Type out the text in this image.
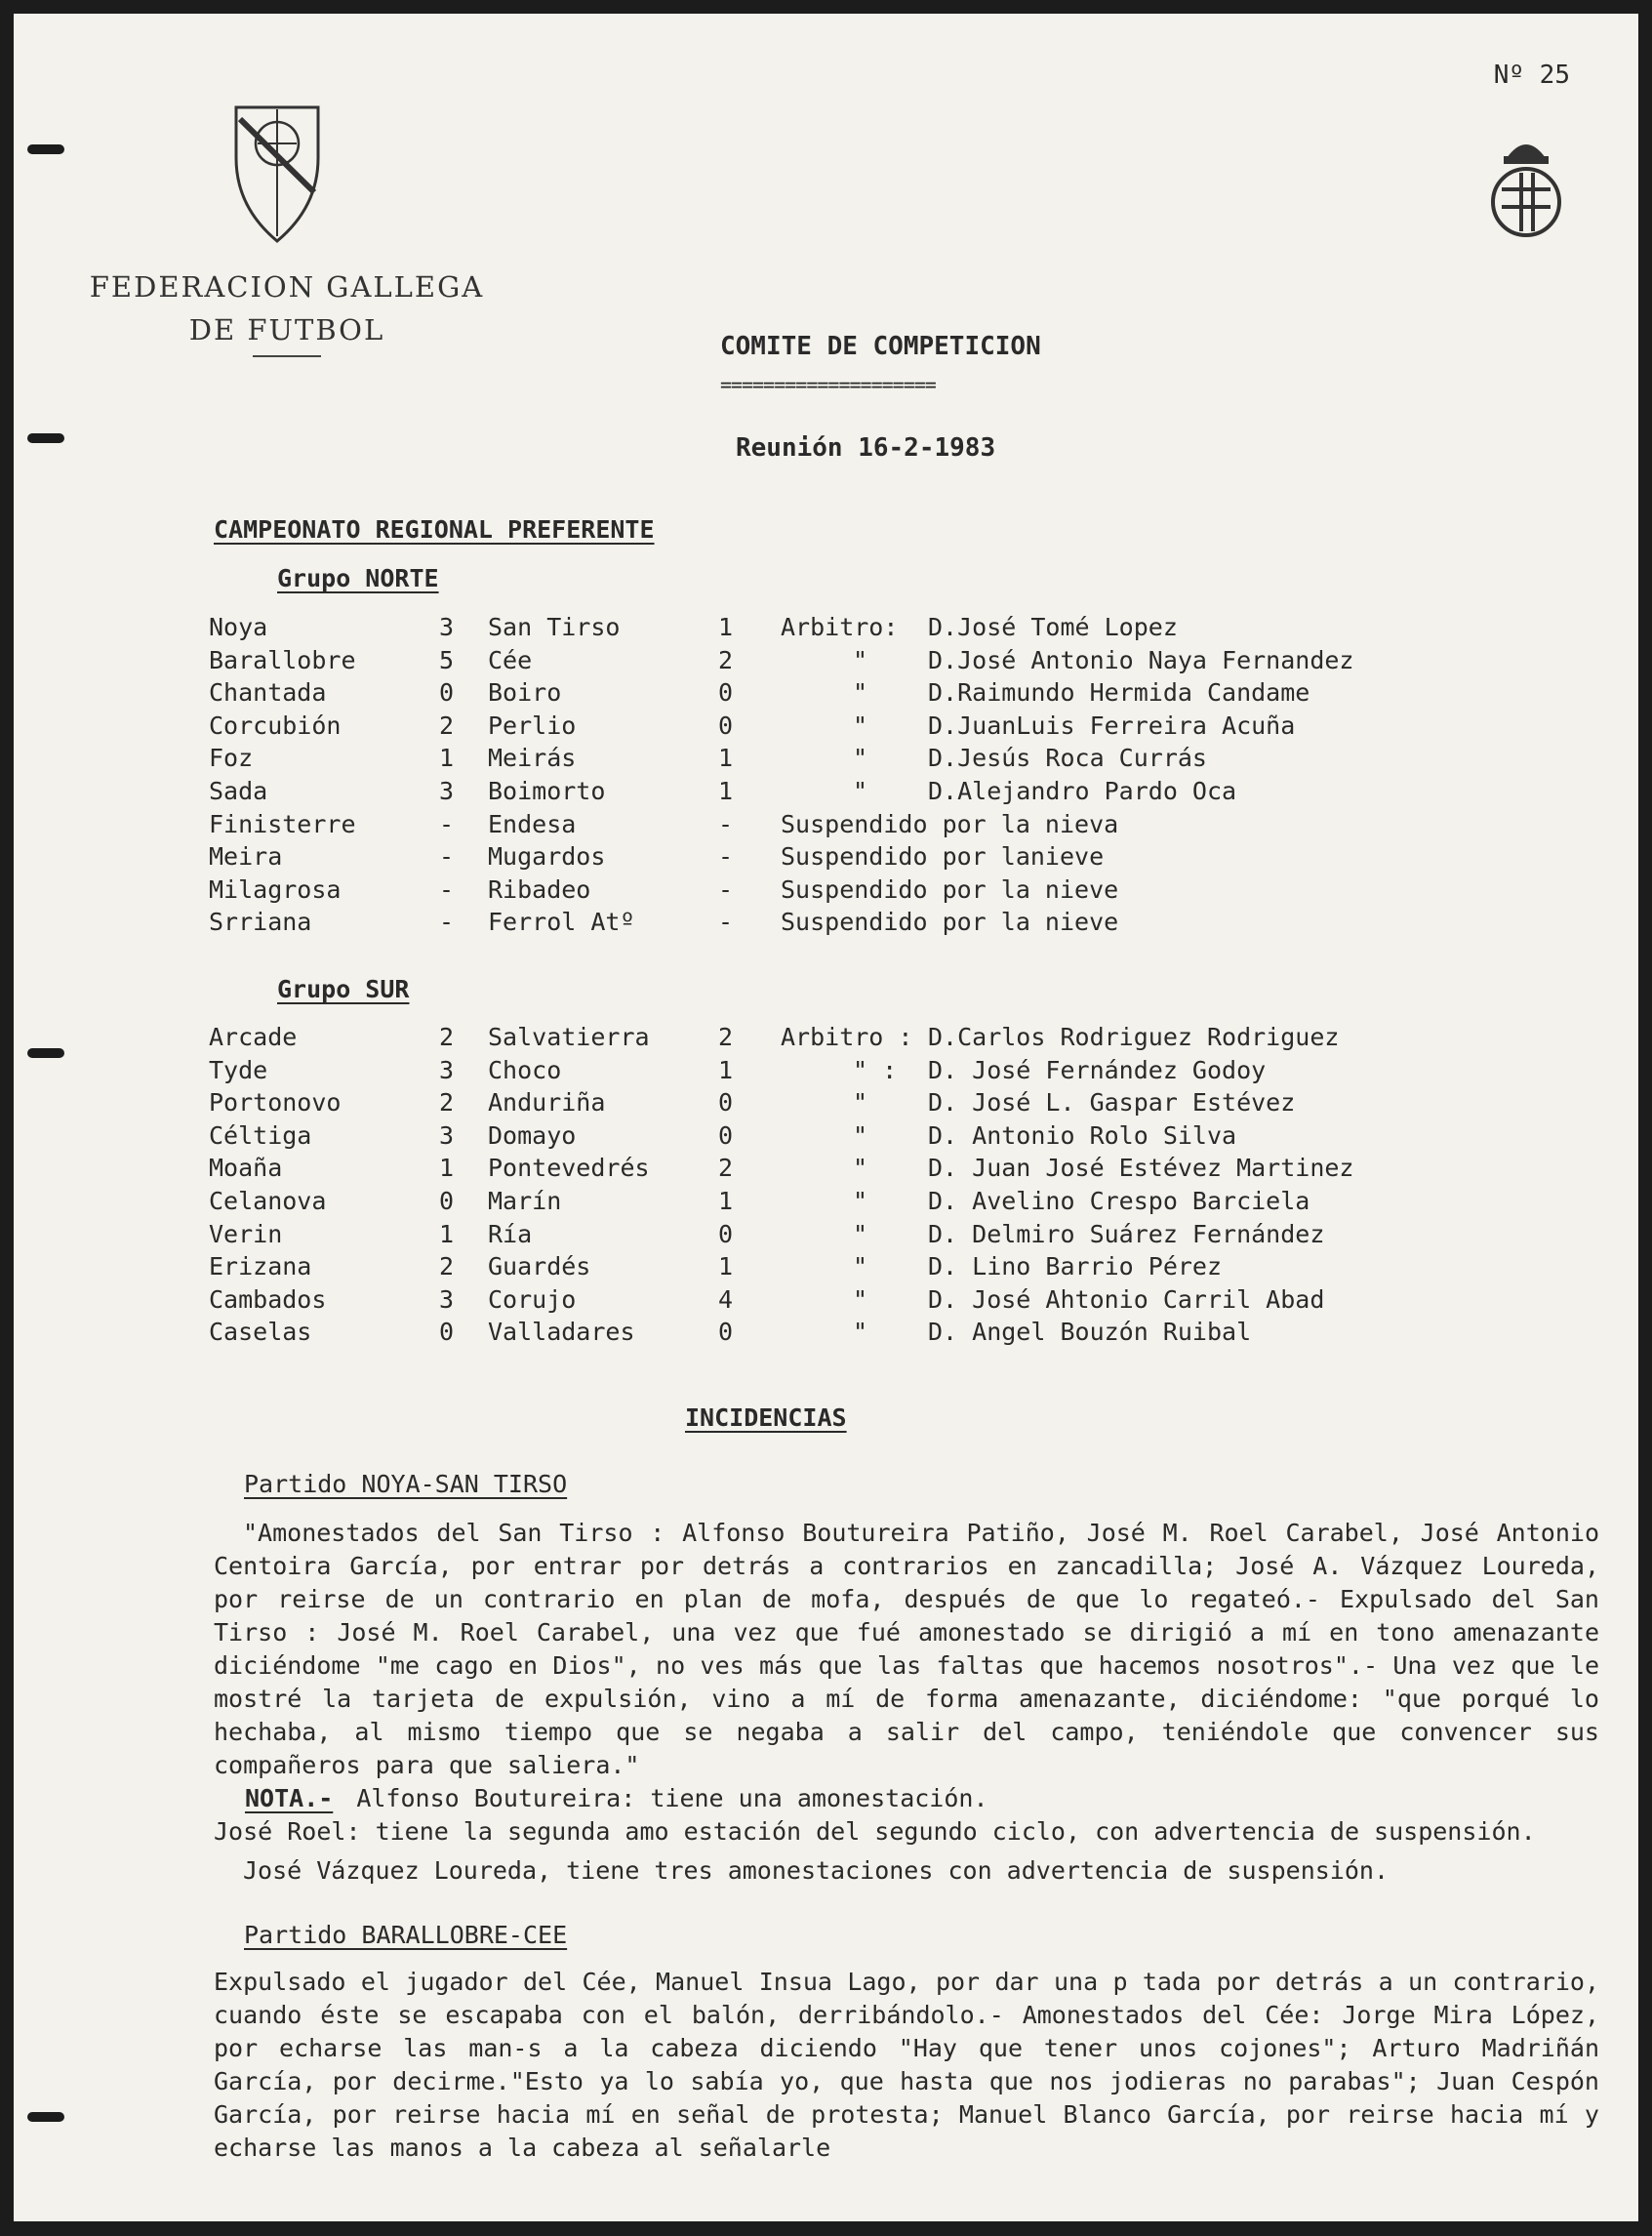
Nº 25
FEDERACION GALLEGA
DE FUTBOL	COMITE DE COMPETICION
====================
Reunión 16-2-1983
CAMPEONATO REGIONAL PREFERENTE
Grupo NORTE
Noya	3 San Tirso	1 Arbitro: D.José Tomé Lopez
Barallobre	5 Cée	2	" D.José Antonio Naya Fernandez
Chantada	0 Boiro	0	" D.Raimundo Hermida Candame
Corcubión	2 Perlio	0	" D.JuanLuis Ferreira Acuña
Foz	1 Meirás	1	" D.Jesús Roca Currás
Sada	3 Boimorto	1	" D.Alejandro Pardo Oca
Finisterre	- Endesa	- Suspendido por la nieva
Meira	- Mugardos	- Suspendido por lanieve
Milagrosa	- Ribadeo	- Suspendido por la nieve
Srriana	- Ferrol Atº	- Suspendido por la nieve
Grupo SUR
Arcade	2 Salvatierra	2 Arbitro : D.Carlos Rodriguez Rodriguez
Tyde	3 Choco	1	" : D. José Fernández Godoy
Portonovo	2 Anduriña	0	" D. José L. Gaspar Estévez
Céltiga	3 Domayo	0	" D. Antonio Rolo Silva
Moaña	1 Pontevedrés	2	" D. Juan José Estévez Martinez
Celanova	0 Marín	1	" D. Avelino Crespo Barciela
Verin	1 Ría	0	" D. Delmiro Suárez Fernández
Erizana	2 Guardés	1	" D. Lino Barrio Pérez
Cambados	3 Corujo	4	" D. José Ahtonio Carril Abad
Caselas	0 Valladares	0	" D. Angel Bouzón Ruibal
INCIDENCIAS
Partido NOYA-SAN TIRSO

"Amonestados del San Tirso : Alfonso Boutureira Patiño, José M. Roel Carabel, José Antonio Centoira García, por entrar por detrás a contrarios en zancadilla; José A. Vázquez Loureda, por reirse de un contrario en plan de mofa, después de que lo regateó.- Expulsado del San Tirso : José M. Roel Carabel, una vez que fué amonestado se dirigió a mí en tono amenazante diciéndome "me cago en Dios", no ves más que las faltas que hacemos nosotros".- Una vez que le mostré la tarjeta de expulsión, vino a mí de forma amenazante, diciéndome: "que porqué lo hechaba, al mismo tiempo que se negaba a salir del campo, teniéndole que convencer sus compañeros para que saliera."

NOTA.- Alfonso Boutureira: tiene una amonestación.

José Roel: tiene la segunda amo estación del segundo ciclo, con advertencia de suspensión.

José Vázquez Loureda, tiene tres amonestaciones con advertencia de suspensión.

Partido BARALLOBRE-CEE

Expulsado el jugador del Cée, Manuel Insua Lago, por dar una p tada por detrás a un contrario, cuando éste se escapaba con el balón, derribándolo.- Amonestados del Cée: Jorge Mira López, por echarse las man-s a la cabeza diciendo "Hay que tener unos cojones"; Arturo Madriñán García, por decirme."Esto ya lo sabía yo, que hasta que nos jodieras no parabas"; Juan Cespón García, por reirse hacia mí en señal de protesta; Manuel Blanco García, por reirse hacia mí y echarse las manos a la cabeza al señalarle
